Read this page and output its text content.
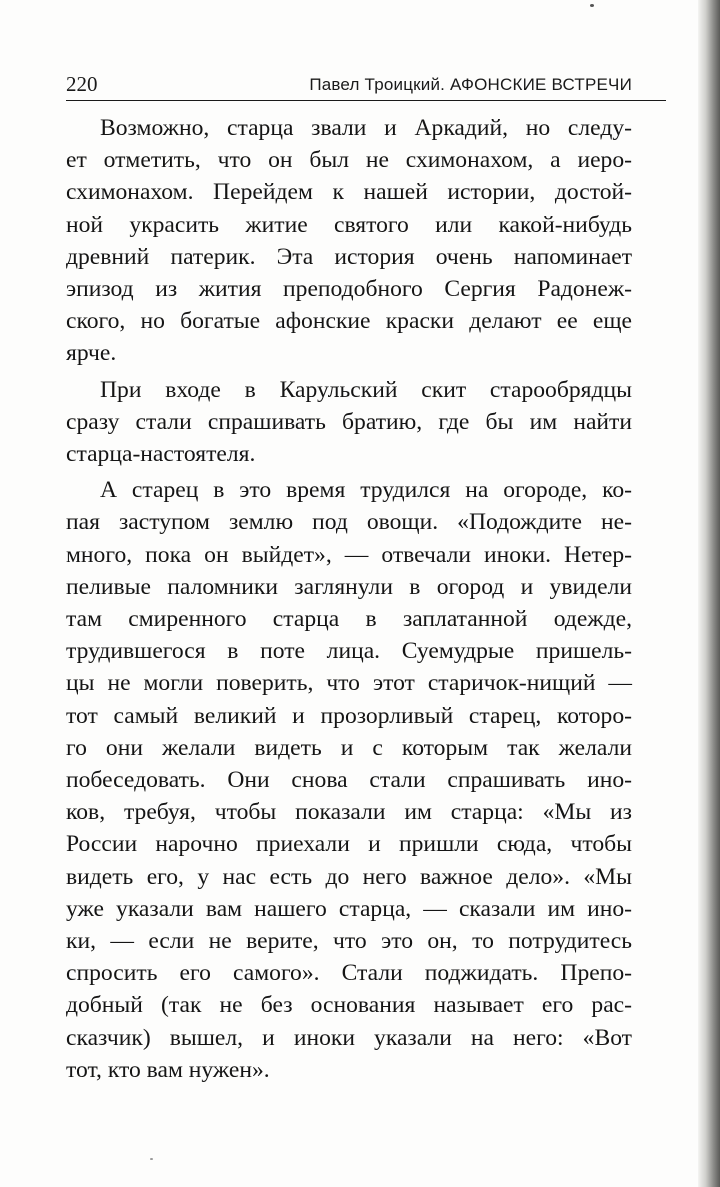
220	Павел Троицкий. АФОНСКИЕ ВСТРЕЧИ

Возможно, старца звали и Аркадий, но следу-
ет отметить, что он был не схимонахом, а иеро-
схимонахом. Перейдем к нашей истории, достой-
ной украсить житие святого или какой-нибудь
древний патерик. Эта история очень напоминает
эпизод из жития преподобного Сергия Радонеж-
ского, но богатые афонские краски делают ее еще
ярче.

При входе в Карульский скит старообрядцы
сразу стали спрашивать братию, где бы им найти
старца-настоятеля.

А старец в это время трудился на огороде, ко-
пая заступом землю под овощи. «Подождите не-
много, пока он выйдет», — отвечали иноки. Нетер-
пеливые паломники заглянули в огород и увидели
там смиренного старца в заплатанной одежде,
трудившегося в поте лица. Суемудрые пришель-
цы не могли поверить, что этот старичок-нищий —
тот самый великий и прозорливый старец, которо-
го они желали видеть и с которым так желали
побеседовать. Они снова стали спрашивать ино-
ков, требуя, чтобы показали им старца: «Мы из
России нарочно приехали и пришли сюда, чтобы
видеть его, у нас есть до него важное дело». «Мы
уже указали вам нашего старца, — сказали им ино-
ки, — если не верите, что это он, то потрудитесь
спросить его самого». Стали поджидать. Препо-
добный (так не без основания называет его рас-
сказчик) вышел, и иноки указали на него: «Вот
тот, кто вам нужен».
